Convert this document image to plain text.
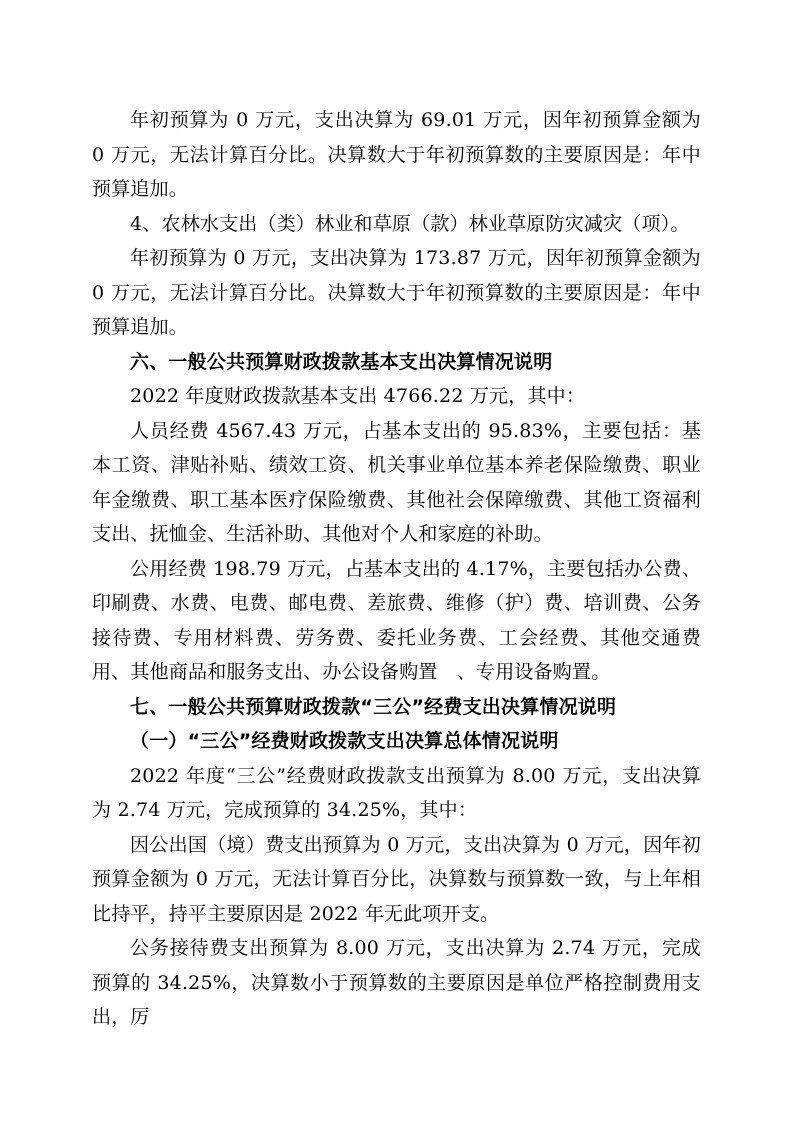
年初预算为 0 万元，支出决算为 69.01 万元，因年初预算金额为 0 万元，无法计算百分比。决算数大于年初预算数的主要原因是：年中预算追加。

4、农林水支出（类）林业和草原（款）林业草原防灾减灾（项）。

年初预算为 0 万元，支出决算为 173.87 万元，因年初预算金额为 0 万元，无法计算百分比。决算数大于年初预算数的主要原因是：年中预算追加。

六、一般公共预算财政拨款基本支出决算情况说明

2022 年度财政拨款基本支出 4766.22 万元，其中：

人员经费 4567.43 万元，占基本支出的 95.83%，主要包括：基本工资、津贴补贴、绩效工资、机关事业单位基本养老保险缴费、职业年金缴费、职工基本医疗保险缴费、其他社会保障缴费、其他工资福利支出、抚恤金、生活补助、其他对个人和家庭的补助。

公用经费 198.79 万元，占基本支出的 4.17%，主要包括办公费、印刷费、水费、电费、邮电费、差旅费、维修（护）费、培训费、公务接待费、专用材料费、劳务费、委托业务费、工会经费、其他交通费用、其他商品和服务支出、办公设备购置　、专用设备购置。

七、一般公共预算财政拨款“三公”经费支出决算情况说明
（一）“三公”经费财政拨款支出决算总体情况说明

2022 年度“三公”经费财政拨款支出预算为 8.00 万元，支出决算为 2.74 万元，完成预算的 34.25%，其中：

因公出国（境）费支出预算为 0 万元，支出决算为 0 万元，因年初预算金额为 0 万元，无法计算百分比，决算数与预算数一致，与上年相比持平，持平主要原因是 2022 年无此项开支。

公务接待费支出预算为 8.00 万元，支出决算为 2.74 万元，完成预算的 34.25%，决算数小于预算数的主要原因是单位严格控制费用支出，厉
